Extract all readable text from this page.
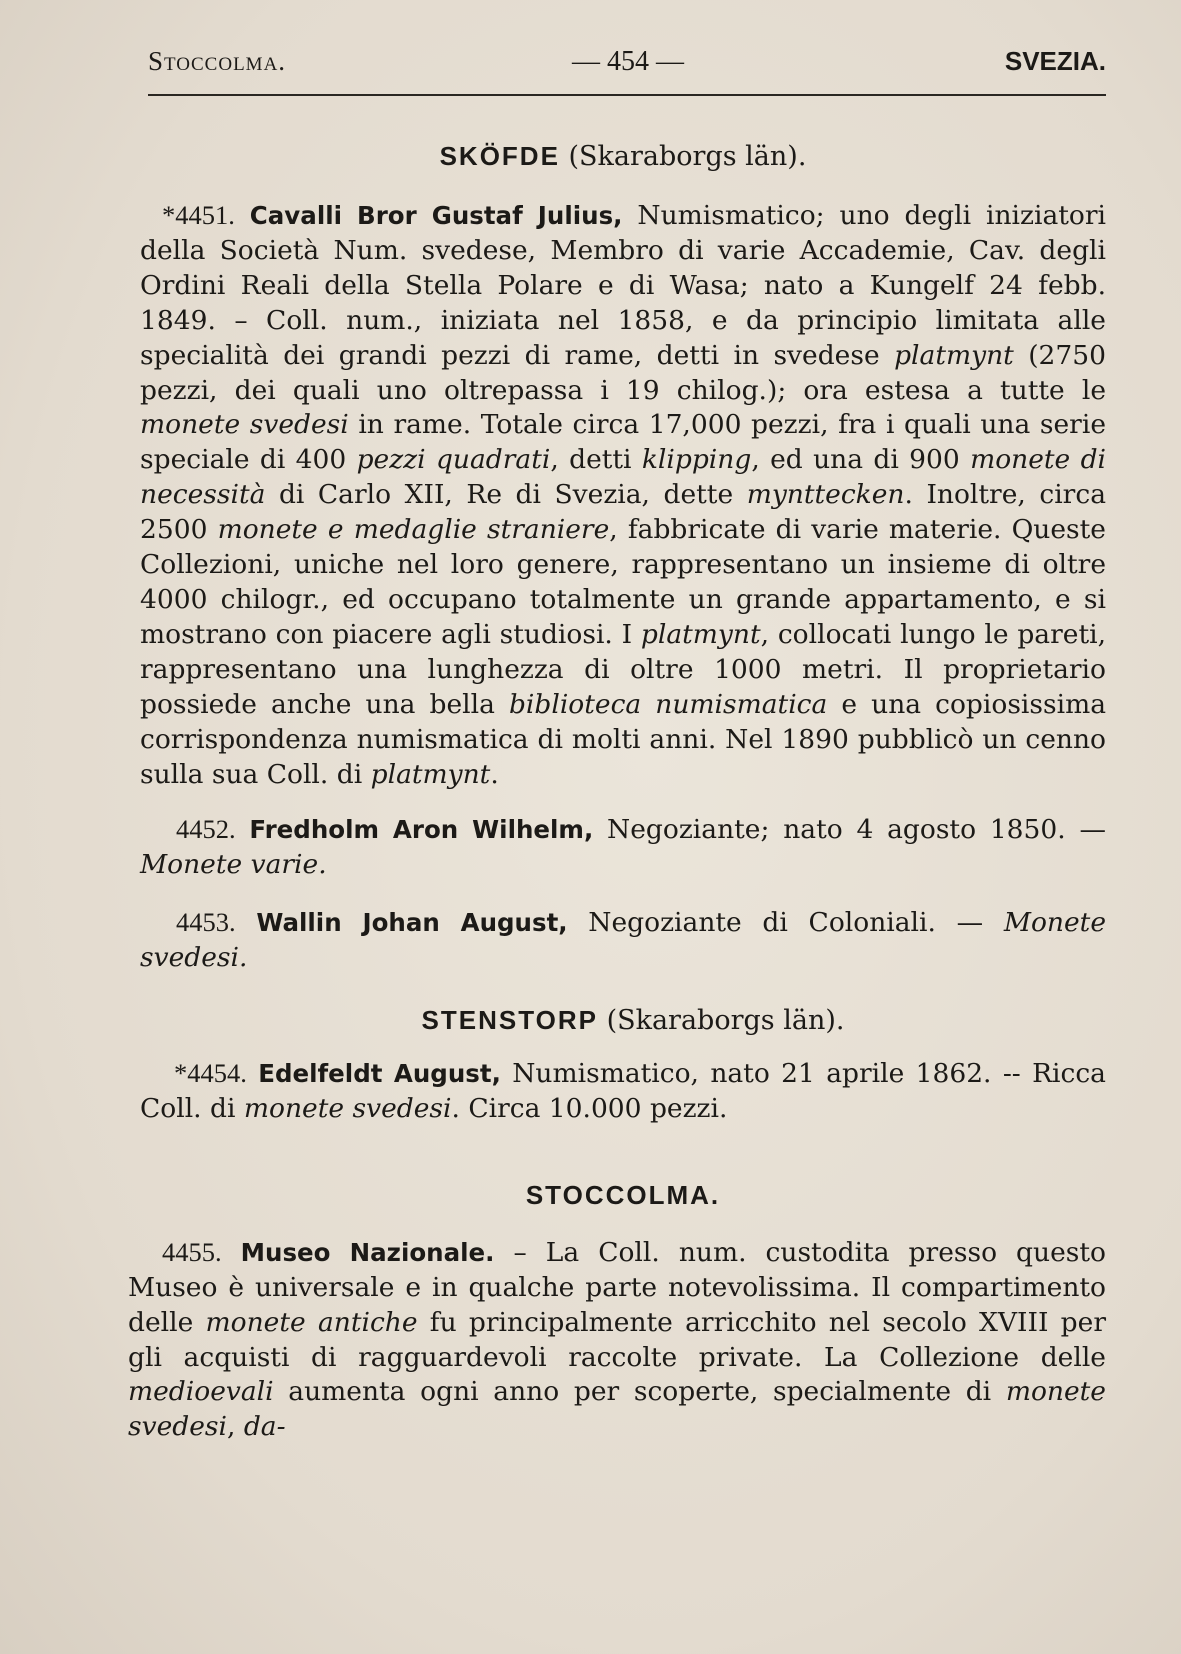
Stoccolma.	— 454 —	SVEZIA.
SKÖFDE (Skaraborgs län).

*4451. Cavalli Bror Gustaf Julius, Numismatico; uno degli iniziatori della Società Num. svedese, Membro di varie Accademie, Cav. degli Ordini Reali della Stella Polare e di Wasa; nato a Kungelf 24 febb. 1849. – Coll. num., iniziata nel 1858, e da principio limitata alle specialità dei grandi pezzi di rame, detti in svedese platmynt (2750 pezzi, dei quali uno oltrepassa i 19 chilog.); ora estesa a tutte le monete svedesi in rame. Totale circa 17,000 pezzi, fra i quali una serie speciale di 400 pezzi quadrati, detti klipping, ed una di 900 monete di necessità di Carlo XII, Re di Svezia, dette mynttecken. Inoltre, circa 2500 monete e medaglie straniere, fabbricate di varie materie. Queste Collezioni, uniche nel loro genere, rappresentano un insieme di oltre 4000 chilogr., ed occupano totalmente un grande appartamento, e si mostrano con piacere agli studiosi. I platmynt, collocati lungo le pareti, rappresentano una lunghezza di oltre 1000 metri. Il proprietario possiede anche una bella biblioteca numismatica e una copiosissima corrispondenza numismatica di molti anni. Nel 1890 pubblicò un cenno sulla sua Coll. di platmynt.

4452. Fredholm Aron Wilhelm, Negoziante; nato 4 agosto 1850. — Monete varie.

4453. Wallin Johan August, Negoziante di Coloniali. — Monete svedesi.

STENSTORP (Skaraborgs län).

*4454. Edelfeldt August, Numismatico, nato 21 aprile 1862. -- Ricca Coll. di monete svedesi. Circa 10.000 pezzi.

STOCCOLMA.

4455. Museo Nazionale. – La Coll. num. custodita presso questo Museo è universale e in qualche parte notevolissima. Il compartimento delle monete antiche fu principalmente arricchito nel secolo XVIII per gli acquisti di ragguardevoli raccolte private. La Collezione delle medioevali aumenta ogni anno per scoperte, specialmente di monete svedesi, da-
